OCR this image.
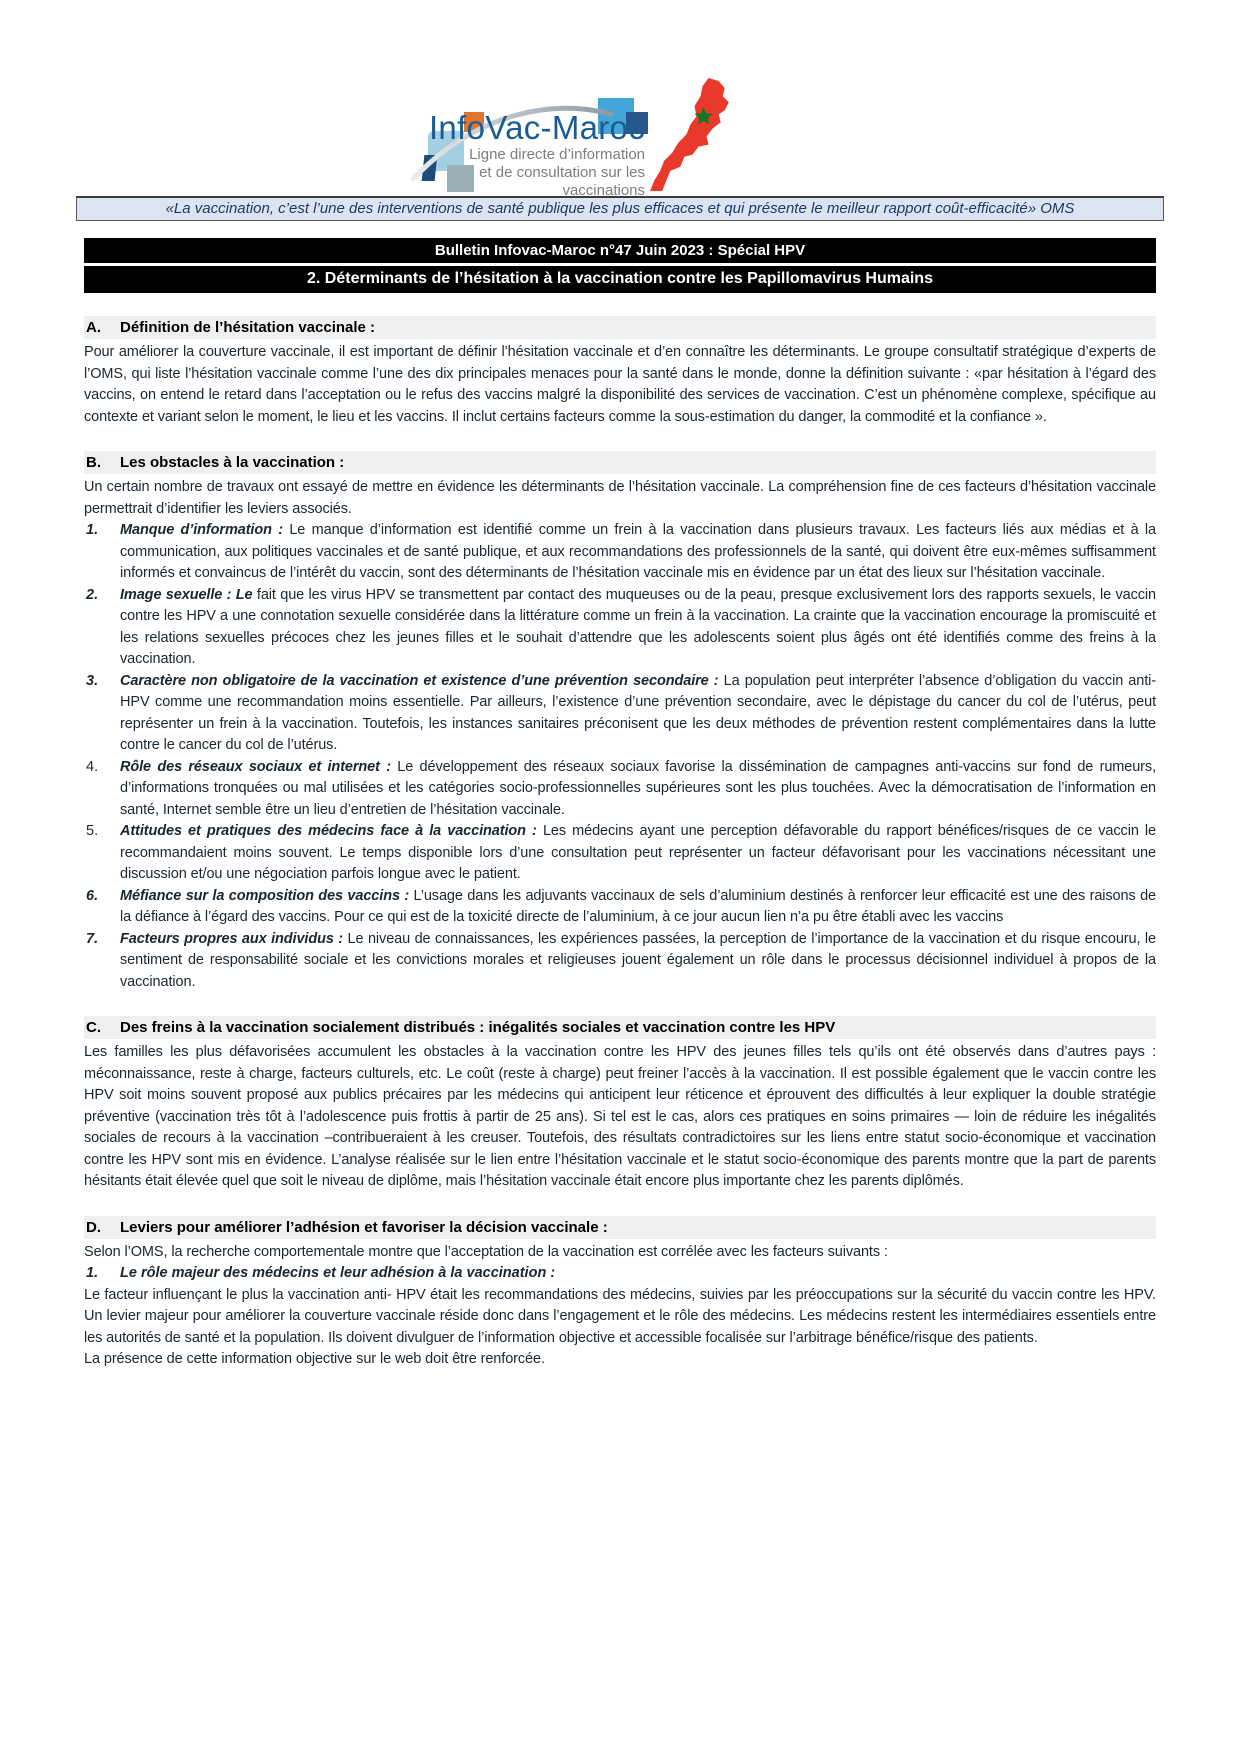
InfoVac-Maroc
Ligne directe d’information
et de consultation sur les vaccinations
«La vaccination, c’est l’une des interventions de santé publique les plus efficaces et qui présente le meilleur rapport coût-efficacité» OMS
Bulletin Infovac-Maroc n°47 Juin 2023 : Spécial HPV
2. Déterminants de l’hésitation à la vaccination contre les Papillomavirus Humains
A.	Définition de l’hésitation vaccinale :

Pour améliorer la couverture vaccinale, il est important de définir l’hésitation vaccinale et d’en connaître les déterminants. Le groupe consultatif stratégique d’experts de l’OMS, qui liste l’hésitation vaccinale comme l’une des dix principales menaces pour la santé dans le monde, donne la définition suivante : «par hésitation à l’égard des vaccins, on entend le retard dans l’acceptation ou le refus des vaccins malgré la disponibilité des services de vaccination. C’est un phénomène complexe, spécifique au contexte et variant selon le moment, le lieu et les vaccins. Il inclut certains facteurs comme la sous-estimation du danger, la commodité et la confiance ».

B.	Les obstacles à la vaccination :

Un certain nombre de travaux ont essayé de mettre en évidence les déterminants de l’hésitation vaccinale. La compréhension fine de ces facteurs d’hésitation vaccinale permettrait d’identifier les leviers associés.

1.	Manque d’information : Le manque d’information est identifié comme un frein à la vaccination dans plusieurs travaux. Les facteurs liés aux médias et à la communication, aux politiques vaccinales et de santé publique, et aux recommandations des professionnels de la santé, qui doivent être eux-mêmes suffisamment informés et convaincus de l’intérêt du vaccin, sont des déterminants de l’hésitation vaccinale mis en évidence par un état des lieux sur l’hésitation vaccinale.
2.	Image sexuelle : Le fait que les virus HPV se transmettent par contact des muqueuses ou de la peau, presque exclusivement lors des rapports sexuels, le vaccin contre les HPV a une connotation sexuelle considérée dans la littérature comme un frein à la vaccination. La crainte que la vaccination encourage la promiscuité et les relations sexuelles précoces chez les jeunes filles et le souhait d’attendre que les adolescents soient plus âgés ont été identifiés comme des freins à la vaccination.
3.	Caractère non obligatoire de la vaccination et existence d’une prévention secondaire : La population peut interpréter l’absence d’obligation du vaccin anti-HPV comme une recommandation moins essentielle. Par ailleurs, l’existence d’une prévention secondaire, avec le dépistage du cancer du col de l’utérus, peut représenter un frein à la vaccination. Toutefois, les instances sanitaires préconisent que les deux méthodes de prévention restent complémentaires dans la lutte contre le cancer du col de l’utérus.
4.	Rôle des réseaux sociaux et internet : Le développement des réseaux sociaux favorise la dissémination de campagnes anti-vaccins sur fond de rumeurs, d’informations tronquées ou mal utilisées et les catégories socio-professionnelles supérieures sont les plus touchées. Avec la démocratisation de l’information en santé, Internet semble être un lieu d’entretien de l’hésitation vaccinale.
5.	Attitudes et pratiques des médecins face à la vaccination : Les médecins ayant une perception défavorable du rapport bénéfices/risques de ce vaccin le recommandaient moins souvent. Le temps disponible lors d’une consultation peut représenter un facteur défavorisant pour les vaccinations nécessitant une discussion et/ou une négociation parfois longue avec le patient.
6.	Méfiance sur la composition des vaccins : L’usage dans les adjuvants vaccinaux de sels d’aluminium destinés à renforcer leur efficacité est une des raisons de la défiance à l’égard des vaccins. Pour ce qui est de la toxicité directe de l’aluminium, à ce jour aucun lien n’a pu être établi avec les vaccins
7.	Facteurs propres aux individus : Le niveau de connaissances, les expériences passées, la perception de l’importance de la vaccination et du risque encouru, le sentiment de responsabilité sociale et les convictions morales et religieuses jouent également un rôle dans le processus décisionnel individuel à propos de la vaccination.
C.	Des freins à la vaccination socialement distribués : inégalités sociales et vaccination contre les HPV

Les familles les plus défavorisées accumulent les obstacles à la vaccination contre les HPV des jeunes filles tels qu’ils ont été observés dans d’autres pays : méconnaissance, reste à charge, facteurs culturels, etc. Le coût (reste à charge) peut freiner l’accès à la vaccination. Il est possible également que le vaccin contre les HPV soit moins souvent proposé aux publics précaires par les médecins qui anticipent leur réticence et éprouvent des difficultés à leur expliquer la double stratégie préventive (vaccination très tôt à l’adolescence puis frottis à partir de 25 ans). Si tel est le cas, alors ces pratiques en soins primaires — loin de réduire les inégalités sociales de recours à la vaccination –contribueraient à les creuser. Toutefois, des résultats contradictoires sur les liens entre statut socio-économique et vaccination contre les HPV sont mis en évidence. L’analyse réalisée sur le lien entre l’hésitation vaccinale et le statut socio-économique des parents montre que la part de parents hésitants était élevée quel que soit le niveau de diplôme, mais l’hésitation vaccinale était encore plus importante chez les parents diplômés.

D.	Leviers pour améliorer l’adhésion et favoriser la décision vaccinale :

Selon l’OMS, la recherche comportementale montre que l’acceptation de la vaccination est corrélée avec les facteurs suivants :

1.	Le rôle majeur des médecins et leur adhésion à la vaccination :

Le facteur influençant le plus la vaccination anti- HPV était les recommandations des médecins, suivies par les préoccupations sur la sécurité du vaccin contre les HPV. Un levier majeur pour améliorer la couverture vaccinale réside donc dans l’engagement et le rôle des médecins. Les médecins restent les intermédiaires essentiels entre les autorités de santé et la population. Ils doivent divulguer de l’information objective et accessible focalisée sur l’arbitrage bénéfice/risque des patients.

La présence de cette information objective sur le web doit être renforcée.
